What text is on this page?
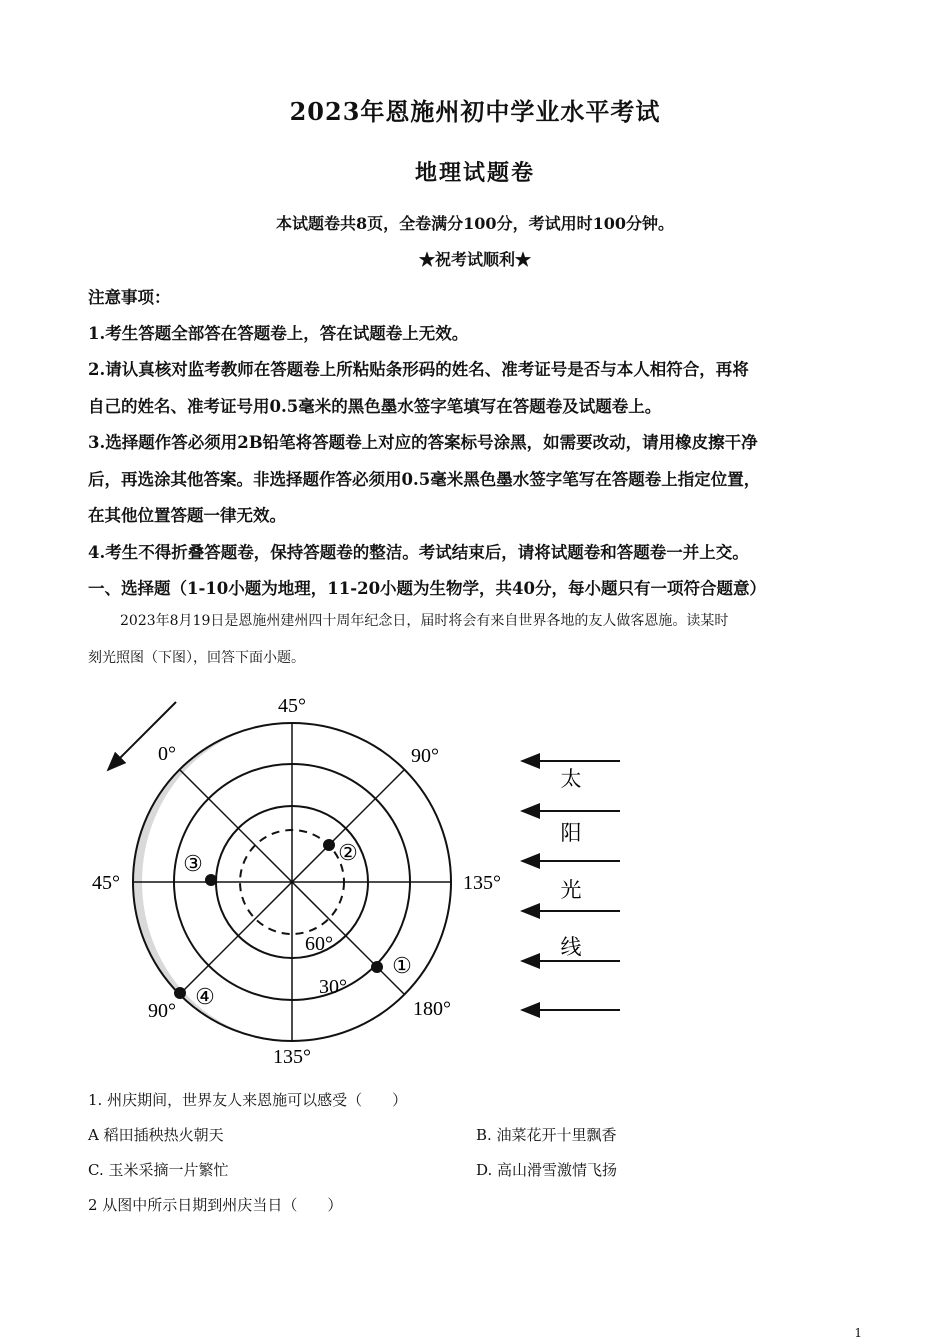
2023年恩施州初中学业水平考试
地理试题卷
本试题卷共8页，全卷满分100分，考试用时100分钟。
★祝考试顺利★
注意事项：
1.考生答题全部答在答题卷上，答在试题卷上无效。
2.请认真核对监考教师在答题卷上所粘贴条形码的姓名、准考证号是否与本人相符合，再将
自己的姓名、准考证号用0.5毫米的黑色墨水签字笔填写在答题卷及试题卷上。
3.选择题作答必须用2B铅笔将答题卷上对应的答案标号涂黑，如需要改动，请用橡皮擦干净
后，再选涂其他答案。非选择题作答必须用0.5毫米黑色墨水签字笔写在答题卷上指定位置，
在其他位置答题一律无效。
4.考生不得折叠答题卷，保持答题卷的整洁。考试结束后，请将试题卷和答题卷一并上交。
一、选择题（1-10小题为地理，11-20小题为生物学，共40分，每小题只有一项符合题意）
2023年8月19日是恩施州建州四十周年纪念日，届时将会有来自世界各地的友人做客恩施。读某时
刻光照图（下图），回答下面小题。
45°
0°	90°
45°	135°
90°	180°
135°
60°
30°
①
②
③
④
太
阳
光
线
1. 州庆期间，世界友人来恩施可以感受（　　）
A 稻田插秧热火朝天	B. 油菜花开十里飘香
C. 玉米采摘一片繁忙	D. 高山滑雪激情飞扬
2 从图中所示日期到州庆当日（　　）
1
